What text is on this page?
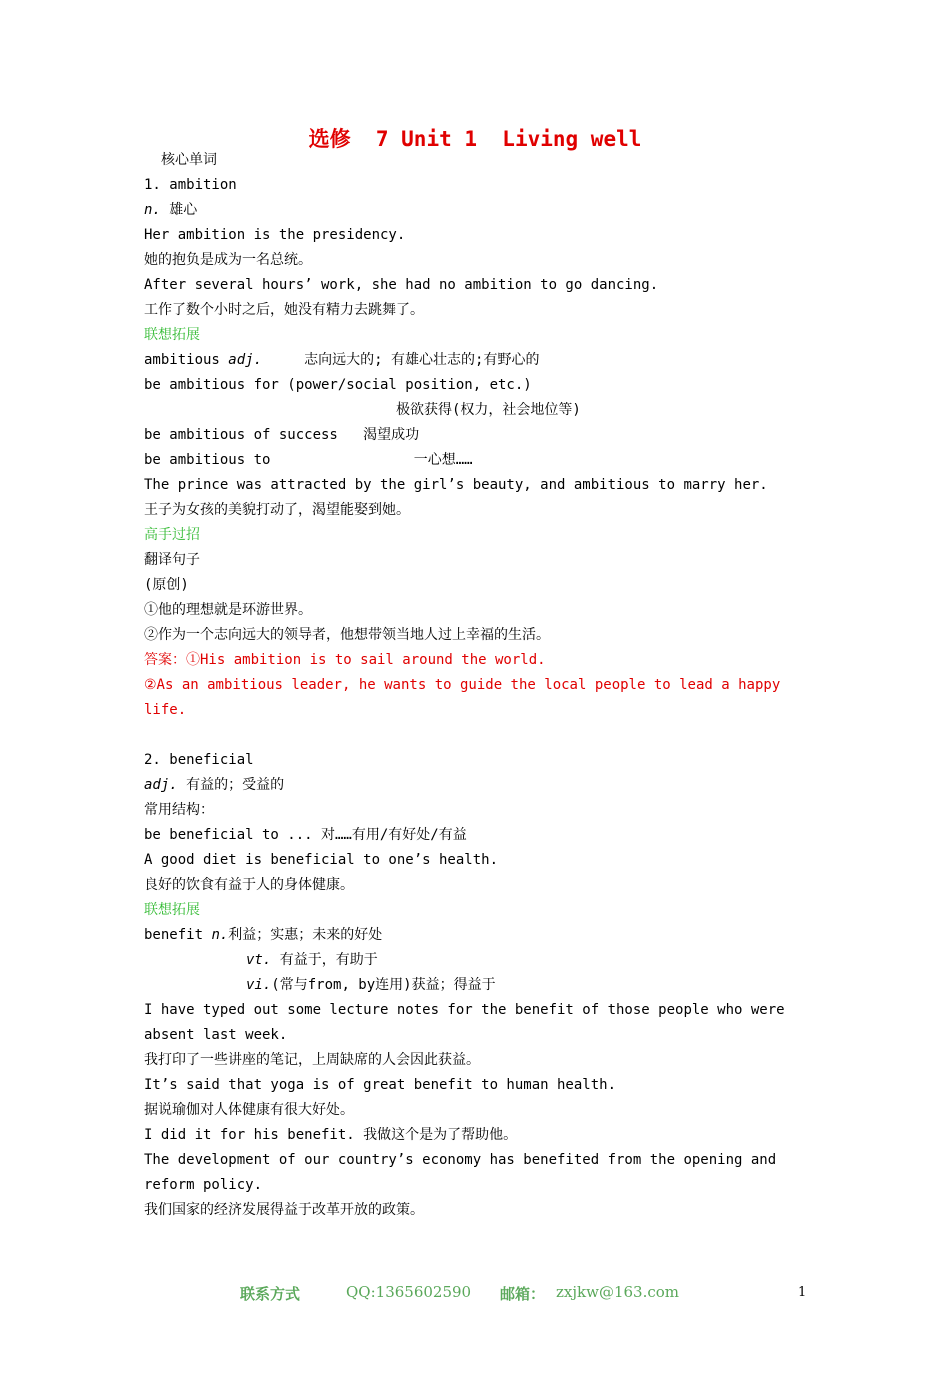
选修  7 Unit 1  Living well
核心单词
1. ambition
n. 雄心
Her ambition is the presidency.
她的抱负是成为一名总统。
After several hours’ work, she had no ambition to go dancing.
工作了数个小时之后，她没有精力去跳舞了。
联想拓展
ambitious adj.     志向远大的; 有雄心壮志的;有野心的
be ambitious for (power/social position, etc.)
极欲获得(权力，社会地位等)
be ambitious of success   渴望成功
be ambitious to                 一心想……
The prince was attracted by the girl’s beauty, and ambitious to marry her.
王子为女孩的美貌打动了，渴望能娶到她。
高手过招
翻译句子
(原创)
①他的理想就是环游世界。
②作为一个志向远大的领导者，他想带领当地人过上幸福的生活。
答案：①His ambition is to sail around the world.
②As an ambitious leader, he wants to guide the local people to lead a happy
life.
2. beneficial
adj. 有益的；受益的
常用结构：
be beneficial to ... 对……有用/有好处/有益
A good diet is beneficial to one’s health.
良好的饮食有益于人的身体健康。
联想拓展
benefit n.利益；实惠；未来的好处
vt. 有益于，有助于
vi.(常与from, by连用)获益；得益于
I have typed out some lecture notes for the benefit of those people who were
absent last week.
我打印了一些讲座的笔记，上周缺席的人会因此获益。
It’s said that yoga is of great benefit to human health.
据说瑜伽对人体健康有很大好处。
I did it for his benefit. 我做这个是为了帮助他。
The development of our country’s economy has benefited from the opening and
reform policy.
我们国家的经济发展得益于改革开放的政策。

联系方式

	QQ:1365602590

邮箱：

zxjkw@163.com	1
